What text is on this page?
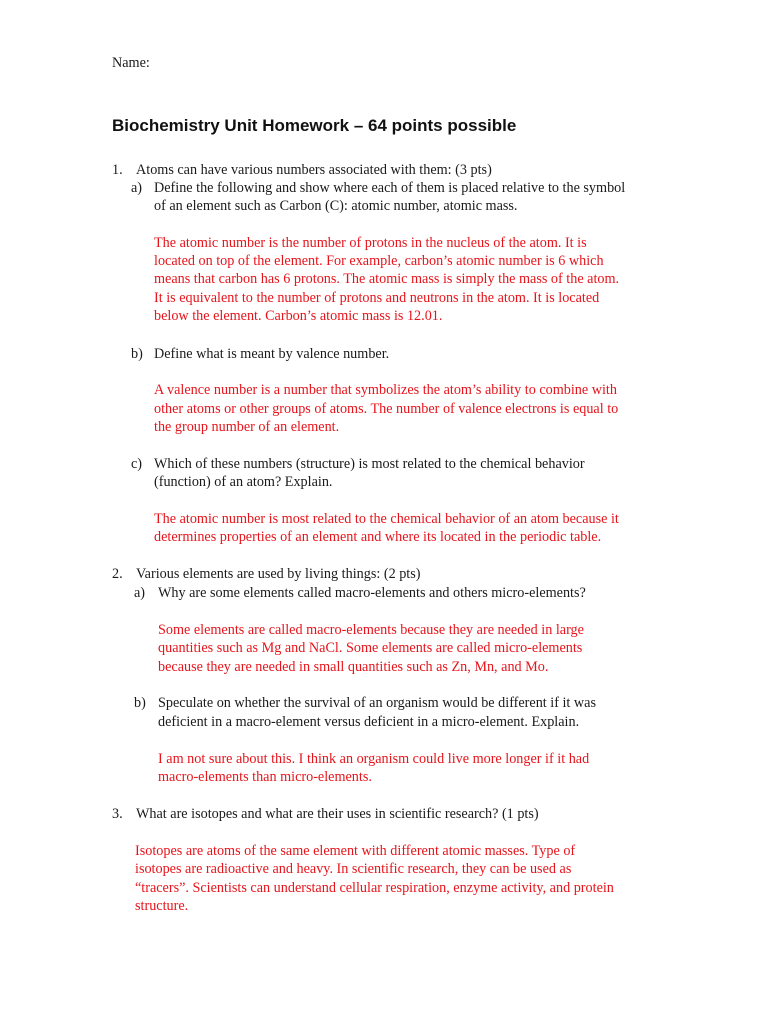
Name:
Biochemistry Unit Homework – 64 points possible
1. Atoms can have various numbers associated with them: (3 pts)
a) Define the following and show where each of them is placed relative to the symbol
of an element such as Carbon (C): atomic number, atomic mass.
The atomic number is the number of protons in the nucleus of the atom. It is
located on top of the element. For example, carbon’s atomic number is 6 which
means that carbon has 6 protons. The atomic mass is simply the mass of the atom.
It is equivalent to the number of protons and neutrons in the atom. It is located
below the element. Carbon’s atomic mass is 12.01.
b) Define what is meant by valence number.
A valence number is a number that symbolizes the atom’s ability to combine with
other atoms or other groups of atoms. The number of valence electrons is equal to
the group number of an element.
c) Which of these numbers (structure) is most related to the chemical behavior
(function) of an atom? Explain.
The atomic number is most related to the chemical behavior of an atom because it
determines properties of an element and where its located in the periodic table.
2. Various elements are used by living things: (2 pts)
a) Why are some elements called macro-elements and others micro-elements?
Some elements are called macro-elements because they are needed in large
quantities such as Mg and NaCl. Some elements are called micro-elements
because they are needed in small quantities such as Zn, Mn, and Mo.
b) Speculate on whether the survival of an organism would be different if it was
deficient in a macro-element versus deficient in a micro-element. Explain.
I am not sure about this. I think an organism could live more longer if it had
macro-elements than micro-elements.
3. What are isotopes and what are their uses in scientific research? (1 pts)
Isotopes are atoms of the same element with different atomic masses. Type of
isotopes are radioactive and heavy. In scientific research, they can be used as
“tracers”. Scientists can understand cellular respiration, enzyme activity, and protein
structure.
